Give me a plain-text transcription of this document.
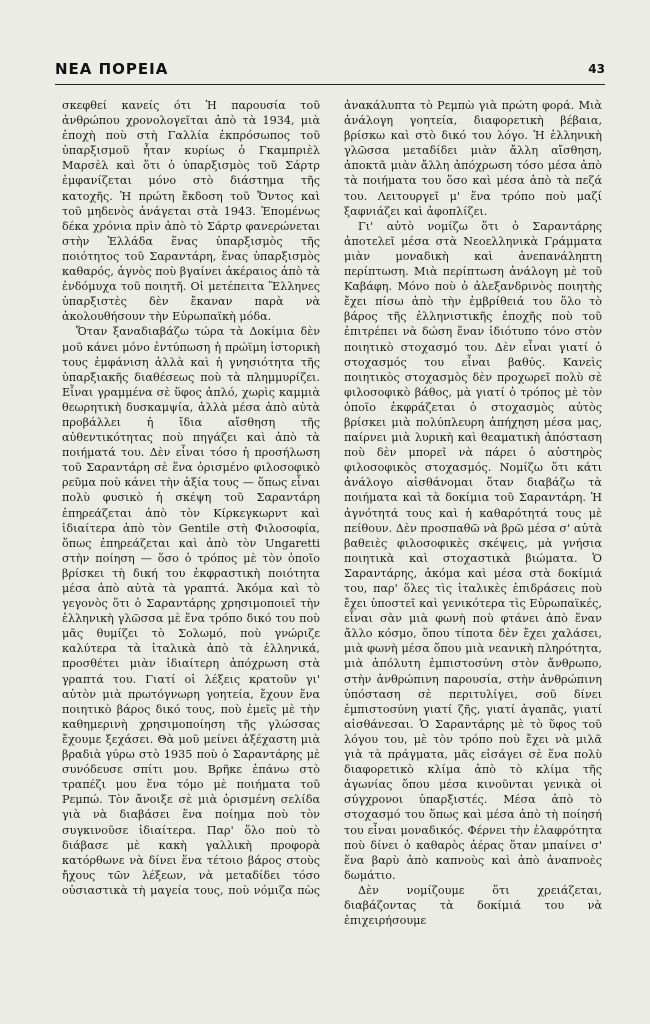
ΝΕΑ ΠΟΡΕΙΑ	43

σκεφθεί κανείς ότι Ἡ παρουσία τοῦ ἀνθρώπου χρονολογεῖται ἀπὸ τὰ 1934, μιὰ ἐποχὴ ποὺ στὴ Γαλλία ἐκπρόσωπος τοῦ ὑπαρξισμοῦ ἦταν κυρίως ὁ Γκαμπριὲλ Μαρσὲλ καὶ ὅτι ὁ ὑπαρξισμὸς τοῦ Σάρτρ ἐμφανίζεται μόνο στὸ διάστημα τῆς κατοχῆς. Ἡ πρώτη ἔκδοση τοῦ Ὄντος καὶ τοῦ μηδενὸς ἀνάγεται στὰ 1943. Ἑπομένως δέκα χρόνια πρὶν ἀπὸ τὸ Σάρτρ φανερώνεται στὴν Ἑλλάδα ἕνας ὑπαρξισμὸς τῆς ποιότητος τοῦ Σαραντάρη, ἕνας ὑπαρξισμὸς καθαρός, ἁγνὸς ποὺ βγαίνει ἀκέραιος ἀπὸ τὰ ἐνδόμυχα τοῦ ποιητῆ. Οἱ μετέπειτα Ἕλληνες ὑπαρξιστὲς δὲν ἔκαναν παρὰ νὰ ἀκολουθήσουν τὴν Εὐρωπαϊκὴ μόδα.

Ὅταν ξαναδιαβάζω τώρα τὰ Δοκίμια δὲν μοῦ κάνει μόνο ἐντύπωση ἡ πρώϊμη ἱστορικὴ τους ἐμφάνιση ἀλλὰ καὶ ἡ γνησιότητα τῆς ὑπαρξιακῆς διαθέσεως ποὺ τὰ πλημμυρίζει. Εἶναι γραμμένα σὲ ὕφος ἁπλό, χωρὶς καμμιὰ θεωρητικὴ δυσκαμψία, ἀλλὰ μέσα ἀπὸ αὐτὰ προβάλλει ἡ ἴδια αἴσθηση τῆς αὐθεντικότητας ποὺ πηγάζει καὶ ἀπὸ τὰ ποιήματά του. Δὲν εἶναι τόσο ἡ προσήλωση τοῦ Σαραντάρη σὲ ἕνα ὁρισμένο φιλοσοφικὸ ρεῦμα ποὺ κάνει τὴν ἀξία τους — ὅπως εἶναι πολὺ φυσικὸ ἡ σκέψη τοῦ Σαραντάρη ἐπηρεάζεται ἀπὸ τὸν Κίρκεγκωρντ καὶ ἰδιαίτερα ἀπὸ τὸν Gentile στὴ Φιλοσοφία, ὅπως ἐπηρεάζεται καὶ ἀπὸ τὸν Ungaretti στὴν ποίηση — ὅσο ὁ τρόπος μὲ τὸν ὁποῖο βρίσκει τὴ δική του ἐκφραστικὴ ποιότητα μέσα ἀπὸ αὐτὰ τὰ γραπτά. Ἀκόμα καὶ τὸ γεγονὸς ὅτι ὁ Σαραντάρης χρησιμοποιεῖ τὴν ἑλληνικὴ γλῶσσα μὲ ἕνα τρόπο δικό του ποὺ μᾶς θυμίζει τὸ Σολωμό, ποὺ γνώριζε καλύτερα τὰ ἰταλικὰ ἀπὸ τὰ ἑλληνικά, προσθέτει μιὰν ἰδιαίτερη ἀπόχρωση στὰ γραπτά του. Γιατί οἱ λέξεις κρατοῦν γι' αὐτὸν μιὰ πρωτόγνωρη γοητεία, ἔχουν ἕνα ποιητικὸ βάρος δικό τους, ποὺ ἐμεῖς μὲ τὴν καθημερινὴ χρησιμοποίηση τῆς γλώσσας ἔχουμε ξεχάσει. Θὰ μοῦ μείνει ἀξέχαστη μιὰ βραδιὰ γύρω στὸ 1935 ποὺ ὁ Σαραντάρης μὲ συνόδευσε σπίτι μου. Βρῆκε ἐπάνω στὸ τραπέζι μου ἕνα τόμο μὲ ποιήματα τοῦ Ρεμπώ. Τὸν ἄνοιξε σὲ μιὰ ὁρισμένη σελίδα γιὰ νὰ διαβάσει ἕνα ποίημα ποὺ τὸν συγκινοῦσε ἰδιαίτερα. Παρ' ὅλο ποὺ τὸ διάβασε μὲ κακὴ γαλλικὴ προφορὰ κατόρθωνε νὰ δίνει ἕνα τέτοιο βάρος στοὺς ἤχους τῶν λέξεων, νὰ μεταδίδει τόσο οὐσιαστικὰ τὴ μαγεία τους, ποὺ νόμιζα πὼς

ἀνακάλυπτα τὸ Ρεμπὼ γιὰ πρώτη φορά. Μιὰ ἀνάλογη γοητεία, διαφορετικὴ βέβαια, βρίσκω καὶ στὸ δικό του λόγο. Ἡ ἑλληνικὴ γλῶσσα μεταδίδει μιὰν ἄλλη αἴσθηση, ἀποκτᾶ μιὰν ἄλλη ἀπόχρωση τόσο μέσα ἀπὸ τὰ ποιήματα του ὅσο καὶ μέσα ἀπὸ τὰ πεζά του. Λειτουργεῖ μ' ἕνα τρόπο ποὺ μαζί ξαφνιάζει καὶ ἀφοπλίζει.

Γι' αὐτὸ νομίζω ὅτι ὁ Σαραντάρης ἀποτελεῖ μέσα στὰ Νεοελληνικὰ Γράμματα μιὰν μοναδικὴ καὶ ἀνεπανάληπτη περίπτωση. Μιὰ περίπτωση ἀνάλογη μὲ τοῦ Καβάφη. Μόνο ποὺ ὁ ἀλεξανδρινὸς ποιητὴς ἔχει πίσω ἀπὸ τὴν ἐμβρίθειά του ὅλο τὸ βάρος τῆς ἑλληνιστικῆς ἐποχῆς ποὺ τοῦ ἐπιτρέπει νὰ δώση ἕναν ἰδιότυπο τόνο στὸν ποιητικὸ στοχασμό του. Δὲν εἶναι γιατί ὁ στοχασμός του εἶναι βαθύς. Κανεὶς ποιητικὸς στοχασμὸς δὲν προχωρεῖ πολὺ σὲ φιλοσοφικὸ βάθος, μὰ γιατί ὁ τρόπος μὲ τὸν ὁποῖο ἐκφράζεται ὁ στοχασμὸς αὐτὸς βρίσκει μιὰ πολύπλευρη ἀπήχηση μέσα μας, παίρνει μιὰ λυρικὴ καὶ θεαματικὴ ἀπόσταση ποὺ δὲν μπορεῖ νὰ πάρει ὁ αὐστηρὸς φιλοσοφικὸς στοχασμός. Νομίζω ὅτι κάτι ἀνάλογο αἰσθάνομαι ὅταν διαβάζω τὰ ποιήματα καὶ τὰ δοκίμια τοῦ Σαραντάρη. Ἡ ἁγνότητά τους καὶ ἡ καθαρότητά τους μὲ πείθουν. Δὲν προσπαθῶ νὰ βρῶ μέσα σ' αὐτὰ βαθειὲς φιλοσοφικὲς σκέψεις, μὰ γνήσια ποιητικὰ καὶ στοχαστικὰ βιώματα. Ὁ Σαραντάρης, ἀκόμα καὶ μέσα στὰ δοκίμιά του, παρ' ὅλες τὶς ἰταλικὲς ἐπιδράσεις ποὺ ἔχει ὑποστεῖ καὶ γενικότερα τὶς Εὐρωπαϊκές, εἶναι σὰν μιὰ φωνὴ ποὺ φτάνει ἀπὸ ἕναν ἄλλο κόσμο, ὅπου τίποτα δὲν ἔχει χαλάσει, μιὰ φωνὴ μέσα ὅπου μιὰ νεανικὴ πληρότητα, μιὰ ἀπόλυτη ἐμπιστοσύνη στὸν ἄνθρωπο, στὴν ἀνθρώπινη παρουσία, στὴν ἀνθρώπινη ὑπόσταση σὲ περιτυλίγει, σοῦ δίνει ἐμπιστοσύνη γιατί ζῆς, γιατί ἀγαπᾶς, γιατί αἰσθάνεσαι. Ὁ Σαραντάρης μὲ τὸ ὕφος τοῦ λόγου του, μὲ τὸν τρόπο ποὺ ἔχει νὰ μιλᾶ γιὰ τὰ πράγματα, μᾶς εἰσάγει σὲ ἕνα πολὺ διαφορετικὸ κλίμα ἀπὸ τὸ κλίμα τῆς ἀγωνίας ὅπου μέσα κινοῦνται γενικὰ οἱ σύγχρονοι ὑπαρξιστές. Μέσα ἀπὸ τὸ στοχασμό του ὅπως καὶ μέσα ἀπὸ τὴ ποίησή του εἶναι μοναδικός. Φέρνει τὴν ἐλαφρότητα ποὺ δίνει ὁ καθαρὸς ἀέρας ὅταν μπαίνει σ' ἕνα βαρὺ ἀπὸ καπνοὺς καὶ ἀπὸ ἀναπνοὲς δωμάτιο.

Δὲν νομίζουμε ὅτι χρειάζεται, διαβάζοντας τὰ δοκίμιά του νὰ ἐπιχειρήσουμε
